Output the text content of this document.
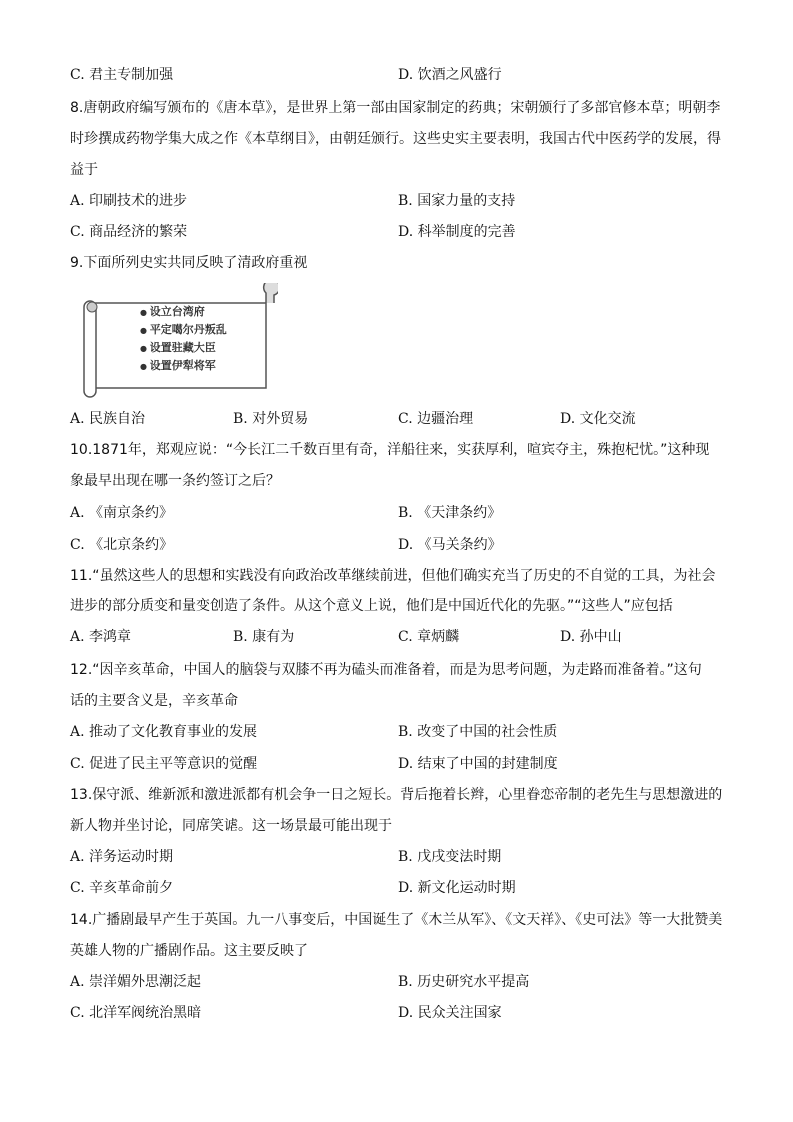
C. 君主专制加强	D. 饮酒之风盛行
8.唐朝政府编写颁布的《唐本草》，是世界上第一部由国家制定的药典；宋朝颁行了多部官修本草；明朝李
时珍撰成药物学集大成之作《本草纲目》，由朝廷颁行。这些史实主要表明，我国古代中医药学的发展，得
益于
A. 印刷技术的进步	B. 国家力量的支持
C. 商品经济的繁荣	D. 科举制度的完善
9.下面所列史实共同反映了清政府重视
● 设立台湾府
● 平定噶尔丹叛乱
● 设置驻藏大臣
● 设置伊犁将军
A. 民族自治	B. 对外贸易	C. 边疆治理	D. 文化交流
10.1871年，郑观应说：“今长江二千数百里有奇，洋船往来，实获厚利，喧宾夺主，殊抱杞忧。”这种现
象最早出现在哪一条约签订之后？
A. 《南京条约》	B. 《天津条约》
C. 《北京条约》	D. 《马关条约》
11.“虽然这些人的思想和实践没有向政治改革继续前进，但他们确实充当了历史的不自觉的工具，为社会
进步的部分质变和量变创造了条件。从这个意义上说，他们是中国近代化的先驱。”“这些人”应包括
A. 李鸿章	B. 康有为	C. 章炳麟	D. 孙中山
12.“因辛亥革命，中国人的脑袋与双膝不再为磕头而准备着，而是为思考问题，为走路而准备着。”这句
话的主要含义是，辛亥革命
A. 推动了文化教育事业的发展	B. 改变了中国的社会性质
C. 促进了民主平等意识的觉醒	D. 结束了中国的封建制度
13.保守派、维新派和激进派都有机会争一日之短长。背后拖着长辫，心里眷恋帝制的老先生与思想激进的
新人物并坐讨论，同席笑谑。这一场景最可能出现于
A. 洋务运动时期	B. 戊戌变法时期
C. 辛亥革命前夕	D. 新文化运动时期
14.广播剧最早产生于英国。九一八事变后，中国诞生了《木兰从军》、《文天祥》、《史可法》等一大批赞美
英雄人物的广播剧作品。这主要反映了
A. 崇洋媚外思潮泛起	B. 历史研究水平提高
C. 北洋军阀统治黑暗	D. 民众关注国家
